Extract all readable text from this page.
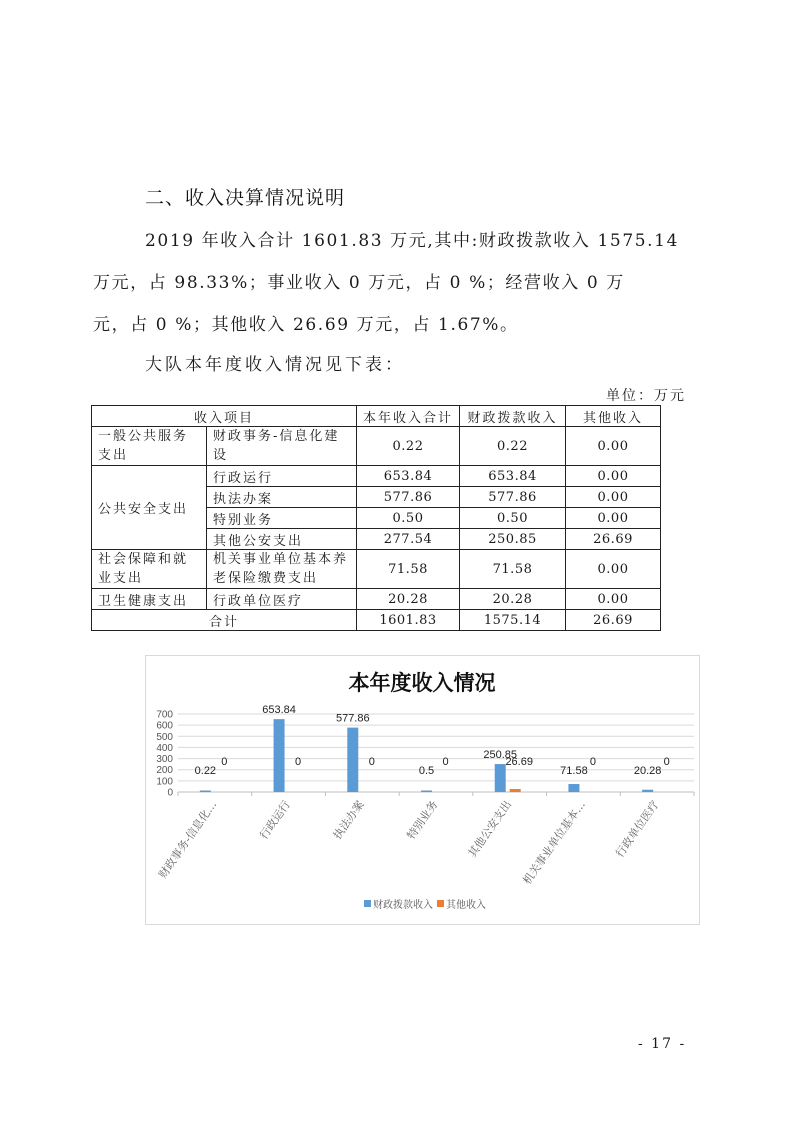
二、收入决算情况说明
2019 年收入合计 1601.83 万元,其中:财政拨款收入 1575.14
万元，占 98.33%；事业收入 0 万元，占 0 %；经营收入 0 万
元，占 0 %；其他收入 26.69 万元，占 1.67%。
大队本年度收入情况见下表：
单位：万元
收入项目		本年收入合计	财政拨款收入	其他收入
一般公共服务支出	财政事务-信息化建设	0.22	0.22	0.00
公共安全支出	行政运行	653.84	653.84	0.00
	执法办案	577.86	577.86	0.00
	特别业务	0.50	0.50	0.00
	其他公安支出	277.54	250.85	26.69
社会保障和就业支出	机关事业单位基本养老保险缴费支出	71.58	71.58	0.00
卫生健康支出	行政单位医疗	20.28	20.28	0.00
合计		1601.83	1575.14	26.69
本年度收入情况
0
100
200
300
400
500
600
700
0.22
0
653.84
0
577.86
0
0.5
0
250.85
26.69
71.58
0
20.28
0
财政事务-信息化…	行政运行	执法办案	特别业务 其他公安支出 机关事业单位基本… 行政单位医疗
财政拨款收入 其他收入
- 17 -
